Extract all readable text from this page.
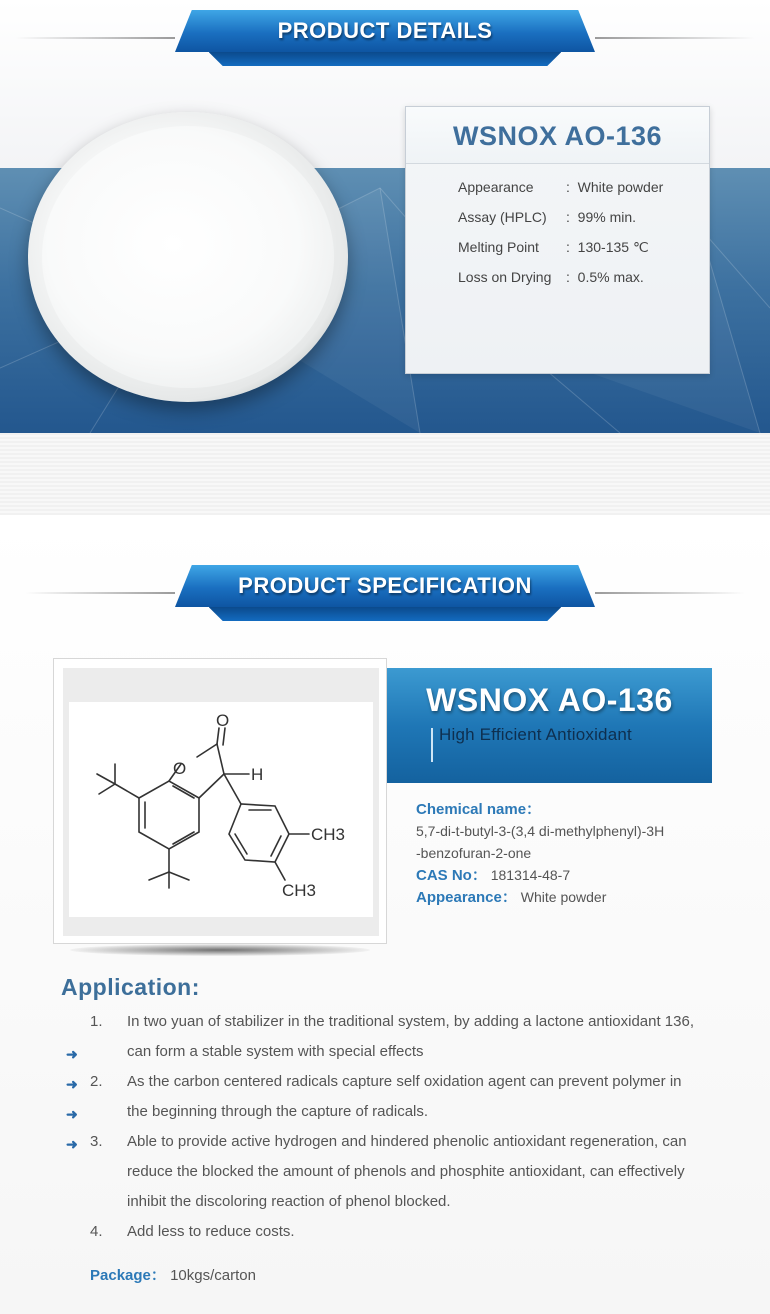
PRODUCT DETAILS
WSNOX AO-136
Appearance	: White powder
Assay (HPLC)	: 99% min.
Melting Point	: 130-135 ℃
Loss on Drying	: 0.5% max.
PRODUCT SPECIFICATION
O
O
H
CH3
CH3
WSNOX AO-136
High Efficient Antioxidant
Chemical name：
5,7-di-t-butyl-3-(3,4 di-methylphenyl)-3H
-benzofuran-2-one
CAS No： 181314-48-7
Appearance： White powder
Application:
1. In two yuan of stabilizer in the traditional system, by adding a lactone antioxidant 136,
➜	can form a stable system with special effects
➜ 2. As the carbon centered radicals capture self oxidation agent can prevent polymer in
➜	the beginning through the capture of radicals.
➜ 3. Able to provide active hydrogen and hindered phenolic antioxidant regeneration, can
reduce the blocked the amount of phenols and phosphite antioxidant, can effectively
inhibit the discoloring reaction of phenol blocked.
4. Add less to reduce costs.
Package： 10kgs/carton
